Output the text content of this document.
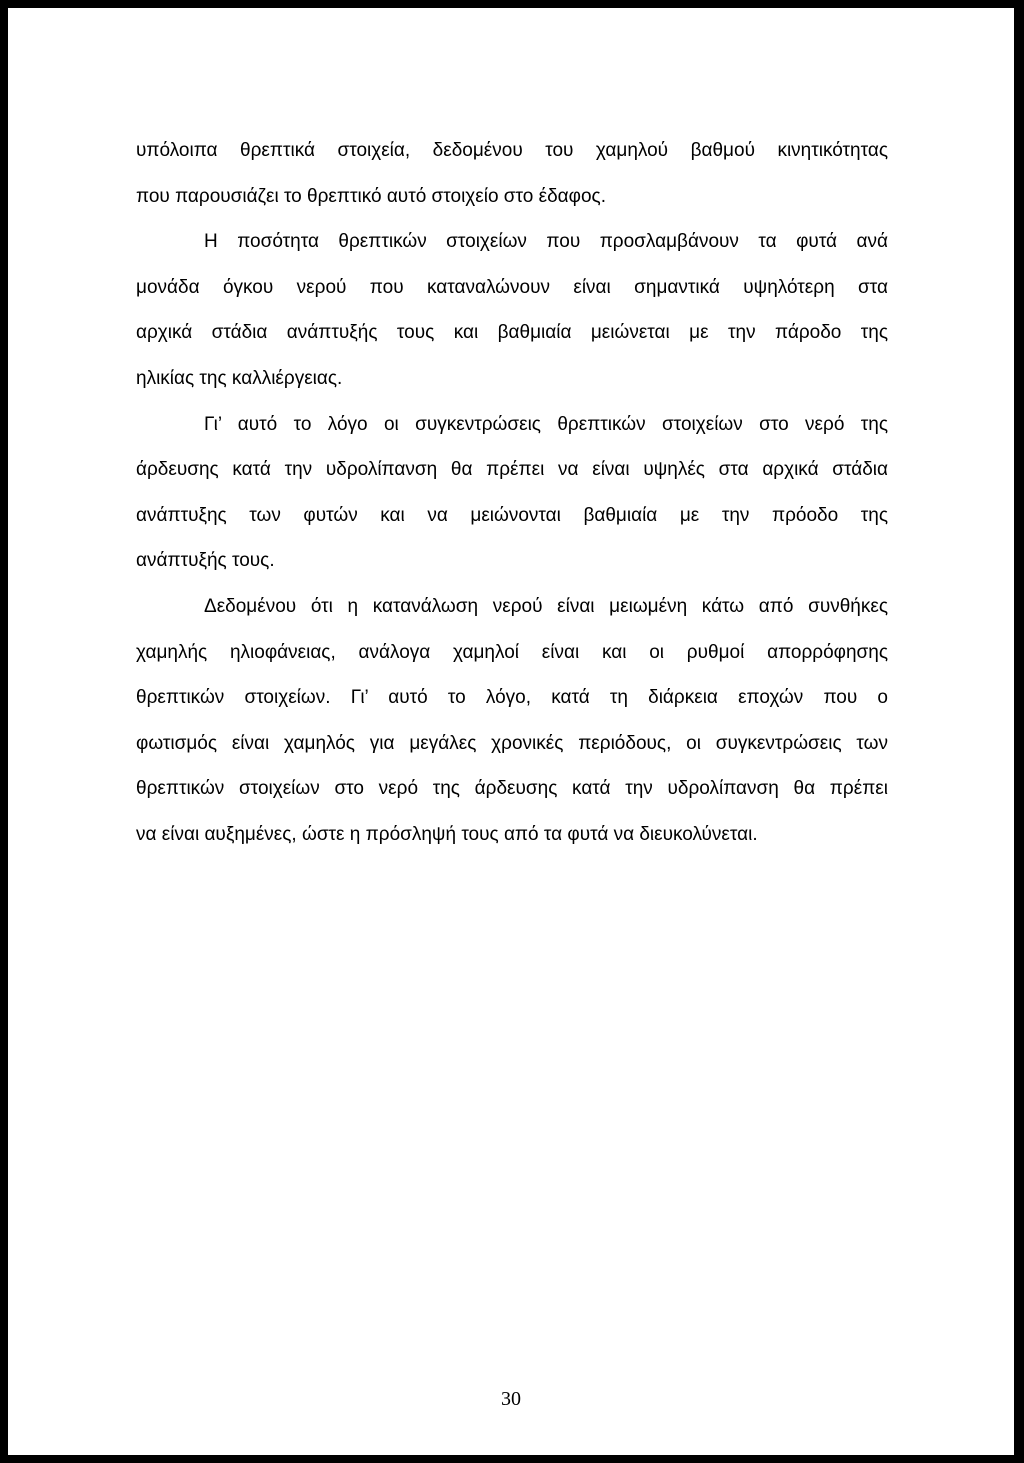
υπόλοιπα θρεπτικά στοιχεία, δεδομένου του χαμηλού βαθμού κινητικότητας
που παρουσιάζει το θρεπτικό αυτό στοιχείο στο έδαφος.
Η ποσότητα θρεπτικών στοιχείων που προσλαμβάνουν τα φυτά ανά
μονάδα όγκου νερού που καταναλώνουν είναι σημαντικά υψηλότερη στα
αρχικά στάδια ανάπτυξής τους και βαθμιαία μειώνεται με την πάροδο της
ηλικίας της καλλιέργειας.
Γι’ αυτό το λόγο οι συγκεντρώσεις θρεπτικών στοιχείων στο νερό της
άρδευσης κατά την υδρολίπανση θα πρέπει να είναι υψηλές στα αρχικά στάδια
ανάπτυξης των φυτών και να μειώνονται βαθμιαία με την πρόοδο της
ανάπτυξής τους.
Δεδομένου ότι η κατανάλωση νερού είναι μειωμένη κάτω από συνθήκες
χαμηλής ηλιοφάνειας, ανάλογα χαμηλοί είναι και οι ρυθμοί απορρόφησης
θρεπτικών στοιχείων. Γι’ αυτό το λόγο, κατά τη διάρκεια εποχών που ο
φωτισμός είναι χαμηλός για μεγάλες χρονικές περιόδους, οι συγκεντρώσεις των
θρεπτικών στοιχείων στο νερό της άρδευσης κατά την υδρολίπανση θα πρέπει
να είναι αυξημένες, ώστε η πρόσληψή τους από τα φυτά να διευκολύνεται.
30
